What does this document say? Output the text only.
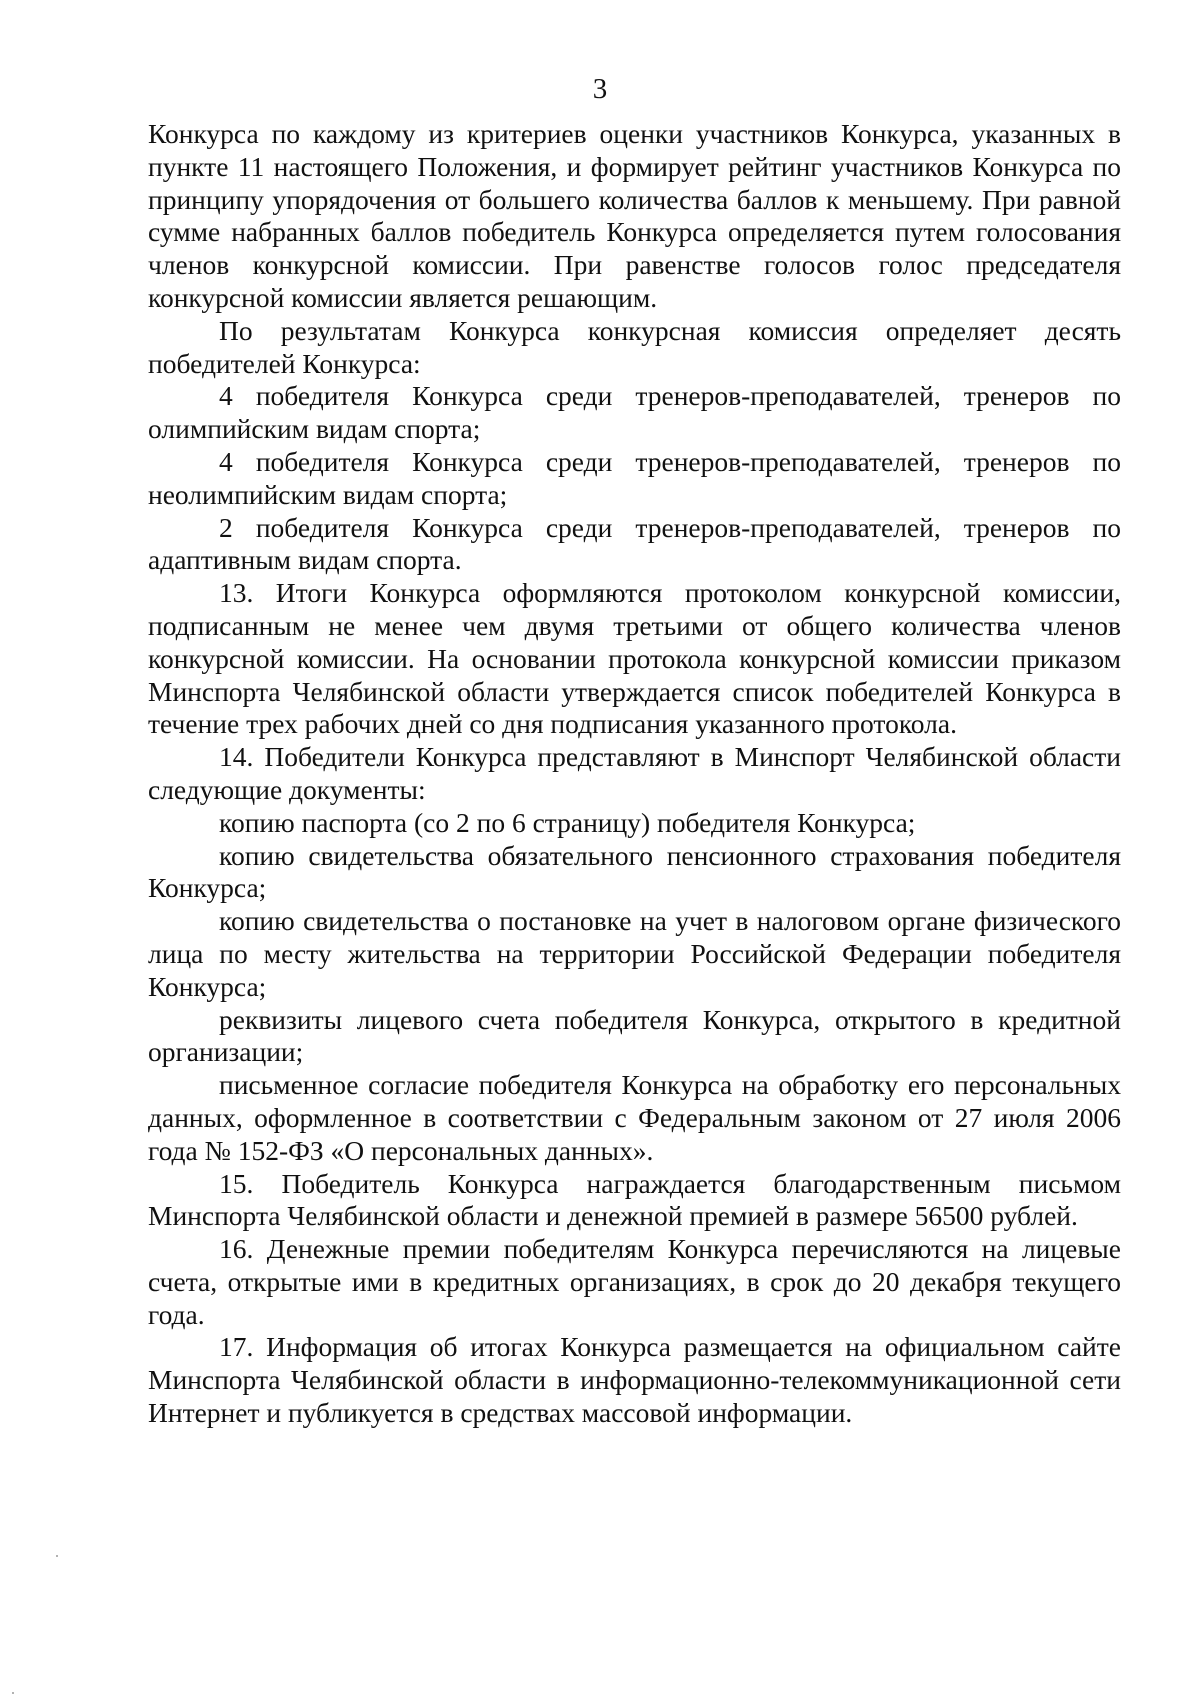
3

Конкурса по каждому из критериев оценки участников Конкурса, указанных в пункте 11 настоящего Положения, и формирует рейтинг участников Конкурса по принципу упорядочения от большего количества баллов к меньшему. При равной сумме набранных баллов победитель Конкурса определяется путем голосования членов конкурсной комиссии. При равенстве голосов голос председателя конкурсной комиссии является решающим.

По результатам Конкурса конкурсная комиссия определяет десять победителей Конкурса:

4 победителя Конкурса среди тренеров-преподавателей, тренеров по олимпийским видам спорта;

4 победителя Конкурса среди тренеров-преподавателей, тренеров по неолимпийским видам спорта;

2 победителя Конкурса среди тренеров-преподавателей, тренеров по адаптивным видам спорта.

13. Итоги Конкурса оформляются протоколом конкурсной комиссии, подписанным не менее чем двумя третьими от общего количества членов конкурсной комиссии. На основании протокола конкурсной комиссии приказом Минспорта Челябинской области утверждается список победителей Конкурса в течение трех рабочих дней со дня подписания указанного протокола.

14. Победители Конкурса представляют в Минспорт Челябинской области следующие документы:

копию паспорта (со 2 по 6 страницу) победителя Конкурса;

копию свидетельства обязательного пенсионного страхования победителя Конкурса;

копию свидетельства о постановке на учет в налоговом органе физического лица по месту жительства на территории Российской Федерации победителя Конкурса;

реквизиты лицевого счета победителя Конкурса, открытого в кредитной организации;

письменное согласие победителя Конкурса на обработку его персональных данных, оформленное в соответствии с Федеральным законом от 27 июля 2006 года № 152-ФЗ «О персональных данных».

15. Победитель Конкурса награждается благодарственным письмом Минспорта Челябинской области и денежной премией в размере 56500 рублей.

16. Денежные премии победителям Конкурса перечисляются на лицевые счета, открытые ими в кредитных организациях, в срок до 20 декабря текущего года.

17. Информация об итогах Конкурса размещается на официальном сайте Минспорта Челябинской области в информационно-телекоммуникационной сети Интернет и публикуется в средствах массовой информации.
